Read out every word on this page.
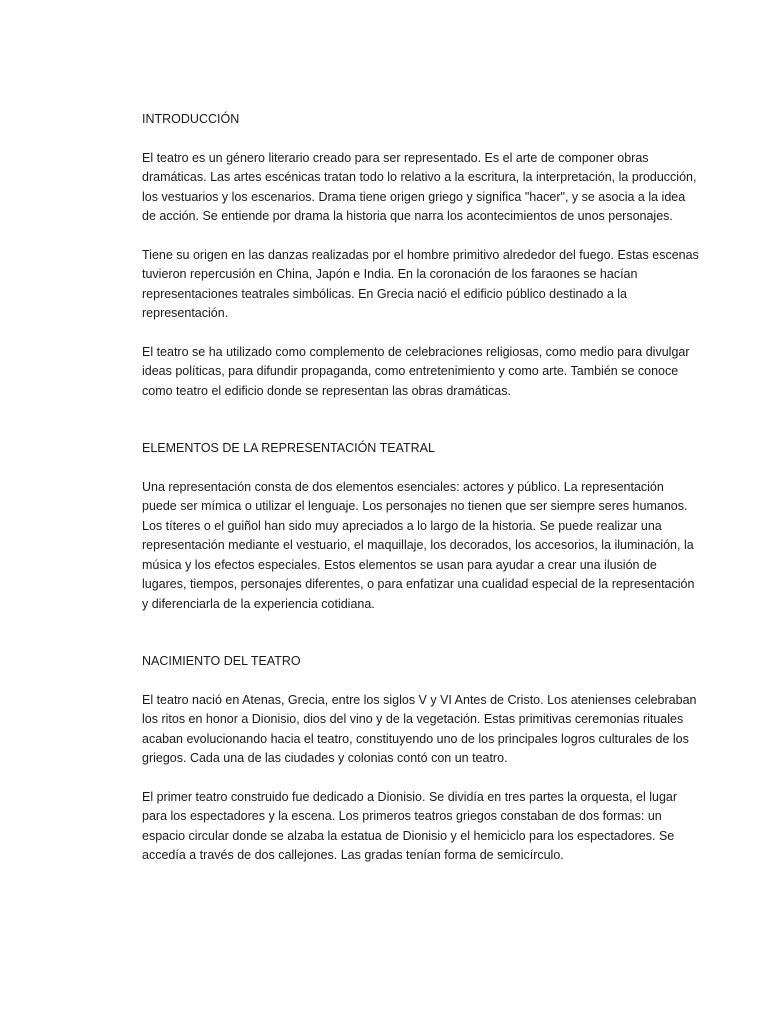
INTRODUCCIÓN

El teatro es un género literario creado para ser representado. Es el arte de componer obras dramáticas. Las artes escénicas tratan todo lo relativo a la escritura, la interpretación, la producción, los vestuarios y los escenarios. Drama tiene origen griego y significa "hacer", y se asocia a la idea de acción. Se entiende por drama la historia que narra los acontecimientos de unos personajes.

Tiene su origen en las danzas realizadas por el hombre primitivo alrededor del fuego. Estas escenas tuvieron repercusión en China, Japón e India. En la coronación de los faraones se hacían representaciones teatrales simbólicas. En Grecia nació el edificio público destinado a la representación.

El teatro se ha utilizado como complemento de celebraciones religiosas, como medio para divulgar ideas políticas, para difundir propaganda, como entretenimiento y como arte. También se conoce como teatro el edificio donde se representan las obras dramáticas.

ELEMENTOS DE LA REPRESENTACIÓN TEATRAL

Una representación consta de dos elementos esenciales: actores y público. La representación puede ser mímica o utilizar el lenguaje. Los personajes no tienen que ser siempre seres humanos. Los títeres o el guiñol han sido muy apreciados a lo largo de la historia. Se puede realizar una representación mediante el vestuario, el maquillaje, los decorados, los accesorios, la iluminación, la música y los efectos especiales. Estos elementos se usan para ayudar a crear una ilusión de lugares, tiempos, personajes diferentes, o para enfatizar una cualidad especial de la representación y diferenciarla de la experiencia cotidiana.

NACIMIENTO DEL TEATRO

El teatro nació en Atenas, Grecia, entre los siglos V y VI Antes de Cristo. Los atenienses celebraban los ritos en honor a Dionisio, dios del vino y de la vegetación. Estas primitivas ceremonias rituales acaban evolucionando hacia el teatro, constituyendo uno de los principales logros culturales de los griegos. Cada una de las ciudades y colonias contó con un teatro.

El primer teatro construido fue dedicado a Dionisio. Se dividía en tres partes la orquesta, el lugar para los espectadores y la escena. Los primeros teatros griegos constaban de dos formas: un espacio circular donde se alzaba la estatua de Dionisio y el hemiciclo para los espectadores. Se accedía a través de dos callejones. Las gradas tenían forma de semicírculo.
